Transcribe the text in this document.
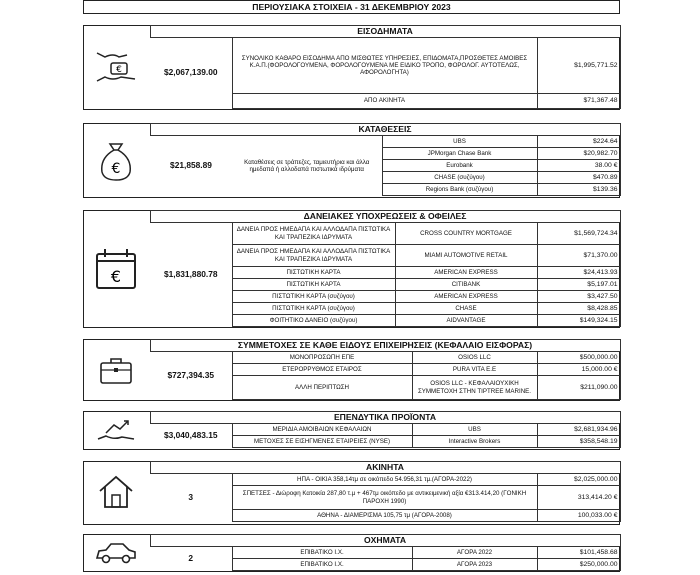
ΠΕΡΙΟΥΣΙΑΚΑ ΣΤΟΙΧΕΙΑ - 31 ΔΕΚΕΜΒΡΙΟΥ 2023
€	ΕΙΣΟΔΗΜΑΤΑ		
	$2,067,139.00	ΣΥΝΟΛΙΚΟ ΚΑΘΑΡΟ ΕΙΣΟΔΗΜΑ ΑΠΟ ΜΙΣΘΩΤΕΣ ΥΠΗΡΕΣΙΕΣ, ΕΠΙΔΟΜΑΤΑ,ΠΡΟΣΘΕΤΕΣ ΑΜΟΙΒΕΣ Κ.Α.Π.(ΦΟΡΟΛΟΓΟΥΜΕΝΑ, ΦΟΡΟΛΟΓΟΥΜΕΝΑ ΜΕ ΕΙΔΙΚΟ ΤΡΟΠΟ, ΦΟΡΟΛΟΓ. ΑΥΤΟΤΕΛΩΣ, ΑΦΟΡΟΛΟΓΗΤΑ)	$1,995,771.52
		ΑΠΟ ΑΚΙΝΗΤΑ	$71,367.48
€	ΚΑΤΑΘΕΣΕΙΣ			
	$21,858.89	Καταθέσεις σε τράπεζες, ταμιευτήρια και άλλα ημεδαπά ή αλλοδαπά πιστωτικά ιδρύματα	UBS	$224.64
			JPMorgan Chase Bank	$20,982.70
			Eurobank	38.00 €
			CHASE (συζύγου)	$470.89
			Regions Bank (συζύγου)	$139.36
€	ΔΑΝΕΙΑΚΕΣ ΥΠΟΧΡΕΩΣΕΙΣ & ΟΦΕΙΛΕΣ			
	$1,831,880.78	ΔΑΝΕΙΑ ΠΡΟΣ ΗΜΕΔΑΠΑ ΚΑΙ ΑΛΛΟΔΑΠΑ ΠΙΣΤΩΤΙΚΑ ΚΑΙ ΤΡΑΠΕΖΙΚΑ ΙΔΡΥΜΑΤΑ	CROSS COUNTRY MORTGAGE	$1,569,724.34
		ΔΑΝΕΙΑ ΠΡΟΣ ΗΜΕΔΑΠΑ ΚΑΙ ΑΛΛΟΔΑΠΑ ΠΙΣΤΩΤΙΚΑ ΚΑΙ ΤΡΑΠΕΖΙΚΑ ΙΔΡΥΜΑΤΑ	MIAMI AUTOMOTIVE RETAIL	$71,370.00
		ΠΙΣΤΩΤΙΚΗ ΚΑΡΤΑ	AMERICAN EXPRESS	$24,413.93
		ΠΙΣΤΩΤΙΚΗ ΚΑΡΤΑ	CITIBANK	$5,197.01
		ΠΙΣΤΩΤΙΚΗ ΚΑΡΤΑ (συζύγου)	AMERICAN EXPRESS	$3,427.50
		ΠΙΣΤΩΤΙΚΗ ΚΑΡΤΑ (συζύγου)	CHASE	$8,428.85
		ΦΟΙΤΗΤΙΚΟ ΔΑΝΕΙΟ (συζύγου)	AIDVANTAGE	$149,324.15
	ΣΥΜΜΕΤΟΧΕΣ ΣΕ ΚΑΘΕ ΕΙΔΟΥΣ ΕΠΙΧΕΙΡΗΣΕΙΣ (ΚΕΦΑΛΑΙΟ ΕΙΣΦΟΡΑΣ)			
	$727,394.35	ΜΟΝΟΠΡΟΣΩΠΗ ΕΠΕ	OSIOS LLC	$500,000.00
		ΕΤΕΡΟΡΡΥΘΜΟΣ ΕΤΑΙΡΟΣ	PURA VITA E.E	15,000.00 €
		ΑΛΛΗ ΠΕΡΙΠΤΩΣΗ	OSIOS LLC - ΚΕΦΑΛΑΙΟΥΧΙΚΗ ΣΥΜΜΕΤΟΧΗ ΣΤΗΝ TIPTREE MARINE.	$211,090.00
	ΕΠΕΝΔΥΤΙΚΑ ΠΡΟΪΟΝΤΑ			
	$3,040,483.15	ΜΕΡΙΔΙΑ ΑΜΟΙΒΑΙΩΝ ΚΕΦΑΛΑΙΩΝ	UBS	$2,681,934.96
		ΜΕΤΟΧΕΣ ΣΕ ΕΙΣΗΓΜΕΝΕΣ ΕΤΑΙΡΕΙΕΣ (NYSE)	Interactive Brokers	$358,548.19
	ΑΚΙΝΗΤΑ		
	3	ΗΠΑ - ΟΙΚΙΑ 358,14τμ σε οικόπεδο 54.956,31 τμ.(ΑΓΟΡΑ-2022)	$2,025,000.00
		ΣΠΕΤΣΕΣ - Διώροφη Κατοικία 287,80 τ.μ + 467τμ οικόπεδο με αντικειμενική αξία €313.414,20 (ΓΟΝΙΚΗ ΠΑΡΟΧΗ 1990)	313,414.20 €
		ΑΘΗΝΑ - ΔΙΑΜΕΡΙΣΜΑ 105,75 τμ (ΑΓΟΡΑ-2008)	100,033.00 €
	ΟΧΗΜΑΤΑ			
	2	ΕΠΙΒΑΤΙΚΟ Ι.Χ.	ΑΓΟΡΑ 2022	$101,458.68
		ΕΠΙΒΑΤΙΚΟ Ι.Χ.	ΑΓΟΡΑ 2023	$250,000.00
